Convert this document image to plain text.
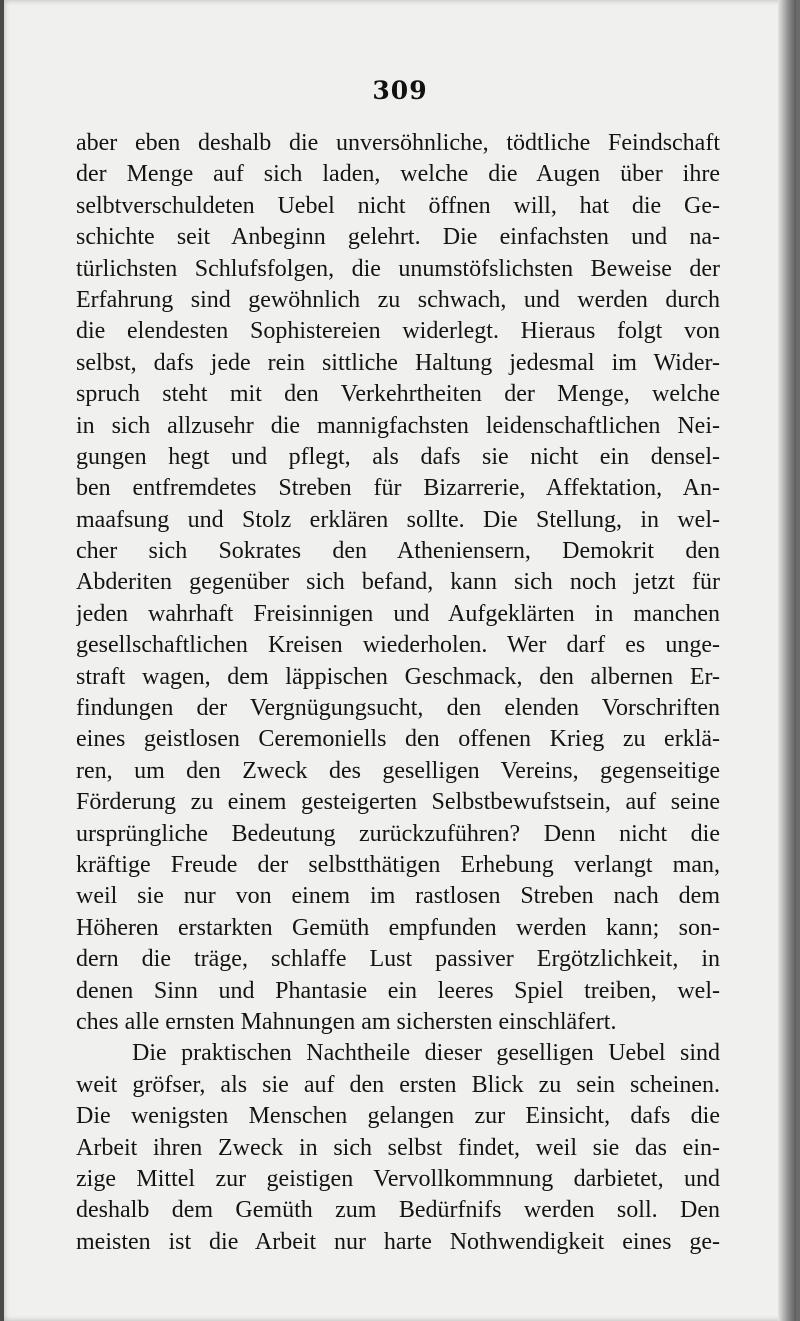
309
aber eben deshalb die unversöhnliche, tödtliche Feindschaft
der Menge auf sich laden, welche die Augen über ihre
selbtverschuldeten Uebel nicht öffnen will, hat die Ge-
schichte seit Anbeginn gelehrt. Die einfachsten und na-
türlichsten Schlufsfolgen, die unumstöfslichsten Beweise der
Erfahrung sind gewöhnlich zu schwach, und werden durch
die elendesten Sophistereien widerlegt. Hieraus folgt von
selbst, dafs jede rein sittliche Haltung jedesmal im Wider-
spruch steht mit den Verkehrtheiten der Menge, welche
in sich allzusehr die mannigfachsten leidenschaftlichen Nei-
gungen hegt und pflegt, als dafs sie nicht ein densel-
ben entfremdetes Streben für Bizarrerie, Affektation, An-
maafsung und Stolz erklären sollte. Die Stellung, in wel-
cher sich Sokrates den Atheniensern, Demokrit den
Abderiten gegenüber sich befand, kann sich noch jetzt für
jeden wahrhaft Freisinnigen und Aufgeklärten in manchen
gesellschaftlichen Kreisen wiederholen. Wer darf es unge-
straft wagen, dem läppischen Geschmack, den albernen Er-
findungen der Vergnügungsucht, den elenden Vorschriften
eines geistlosen Ceremoniells den offenen Krieg zu erklä-
ren, um den Zweck des geselligen Vereins, gegenseitige
Förderung zu einem gesteigerten Selbstbewufstsein, auf seine
ursprüngliche Bedeutung zurückzuführen? Denn nicht die
kräftige Freude der selbstthätigen Erhebung verlangt man,
weil sie nur von einem im rastlosen Streben nach dem
Höheren erstarkten Gemüth empfunden werden kann; son-
dern die träge, schlaffe Lust passiver Ergötzlichkeit, in
denen Sinn und Phantasie ein leeres Spiel treiben, wel-
ches alle ernsten Mahnungen am sichersten einschläfert.
Die praktischen Nachtheile dieser geselligen Uebel sind
weit gröfser, als sie auf den ersten Blick zu sein scheinen.
Die wenigsten Menschen gelangen zur Einsicht, dafs die
Arbeit ihren Zweck in sich selbst findet, weil sie das ein-
zige Mittel zur geistigen Vervollkommnung darbietet, und
deshalb dem Gemüth zum Bedürfnifs werden soll. Den
meisten ist die Arbeit nur harte Nothwendigkeit eines ge-
